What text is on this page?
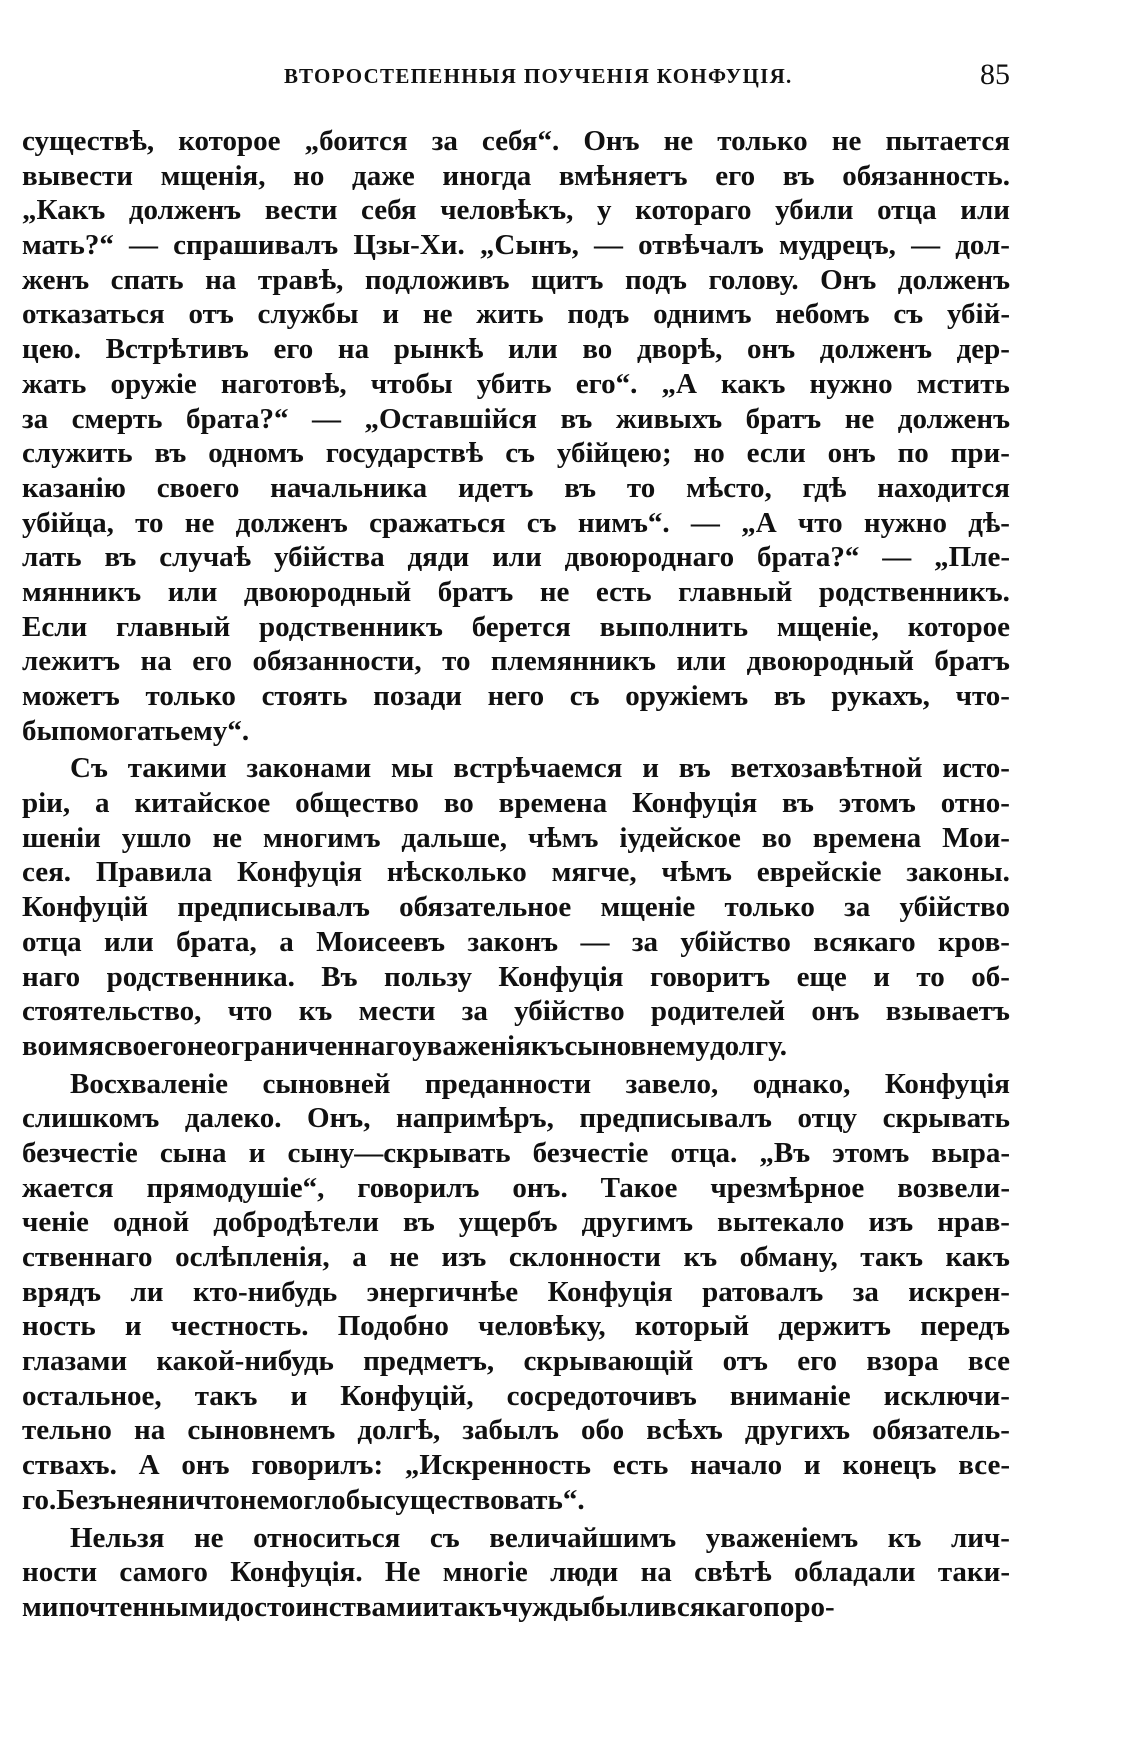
ВТОРОСТЕПЕННЫЯ ПОУЧЕНІЯ КОНФУЦІЯ.	85
существѣ, которое „боится за себя“. Онъ не только не пытается
вывести мщенія, но даже иногда вмѣняетъ его въ обязанность.
„Какъ долженъ вести себя человѣкъ, у котораго убили отца или
мать?“ — спрашивалъ Цзы-Хи. „Сынъ, — отвѣчалъ мудрецъ, — дол-
женъ спать на травѣ, подложивъ щитъ подъ голову. Онъ долженъ
отказаться отъ службы и не жить подъ однимъ небомъ съ убій-
цею. Встрѣтивъ его на рынкѣ или во дворѣ, онъ долженъ дер-
жать оружіе наготовѣ, чтобы убить его“. „А какъ нужно мстить
за смерть брата?“ — „Оставшійся въ живыхъ братъ не долженъ
служить въ одномъ государствѣ съ убійцею; но если онъ по при-
казанію своего начальника идетъ въ то мѣсто, гдѣ находится
убійца, то не долженъ сражаться съ нимъ“. — „А что нужно дѣ-
лать въ случаѣ убійства дяди или двоюроднаго брата?“ — „Пле-
мянникъ или двоюродный братъ не есть главный родственникъ.
Если главный родственникъ берется выполнить мщеніе, которое
лежитъ на его обязанности, то племянникъ или двоюродный братъ
можетъ только стоять позади него съ оружіемъ въ рукахъ, что-
бы помогать ему“.
Съ такими законами мы встрѣчаемся и въ ветхозавѣтной исто-
ріи, а китайское общество во времена Конфуція въ этомъ отно-
шеніи ушло не многимъ дальше, чѣмъ іудейское во времена Мои-
сея. Правила Конфуція нѣсколько мягче, чѣмъ еврейскіе законы.
Конфуцій предписывалъ обязательное мщеніе только за убійство
отца или брата, а Моисеевъ законъ — за убійство всякаго кров-
наго родственника. Въ пользу Конфуція говоритъ еще и то об-
стоятельство, что къ мести за убійство родителей онъ взываетъ
во имя своего неограниченнаго уваженія къ сыновнему долгу.
Восхваленіе сыновней преданности завело, однако, Конфуція
слишкомъ далеко. Онъ, напримѣръ, предписывалъ отцу скрывать
безчестіе сына и сыну—скрывать безчестіе отца. „Въ этомъ выра-
жается прямодушіе“, говорилъ онъ. Такое чрезмѣрное возвели-
ченіе одной добродѣтели въ ущербъ другимъ вытекало изъ нрав-
ственнаго ослѣпленія, а не изъ склонности къ обману, такъ какъ
врядъ ли кто-нибудь энергичнѣе Конфуція ратовалъ за искрен-
ность и честность. Подобно человѣку, который держитъ передъ
глазами какой-нибудь предметъ, скрывающій отъ его взора все
остальное, такъ и Конфуцій, сосредоточивъ вниманіе исключи-
тельно на сыновнемъ долгѣ, забылъ обо всѣхъ другихъ обязатель-
ствахъ. А онъ говорилъ: „Искренность есть начало и конецъ все-
го. Безъ нея ничто не могло бы существовать“.
Нельзя не относиться съ величайшимъ уваженіемъ къ лич-
ности самого Конфуція. Не многіе люди на свѣтѣ обладали таки-
ми почтенными достоинствами и такъ чужды были всякаго поро-
